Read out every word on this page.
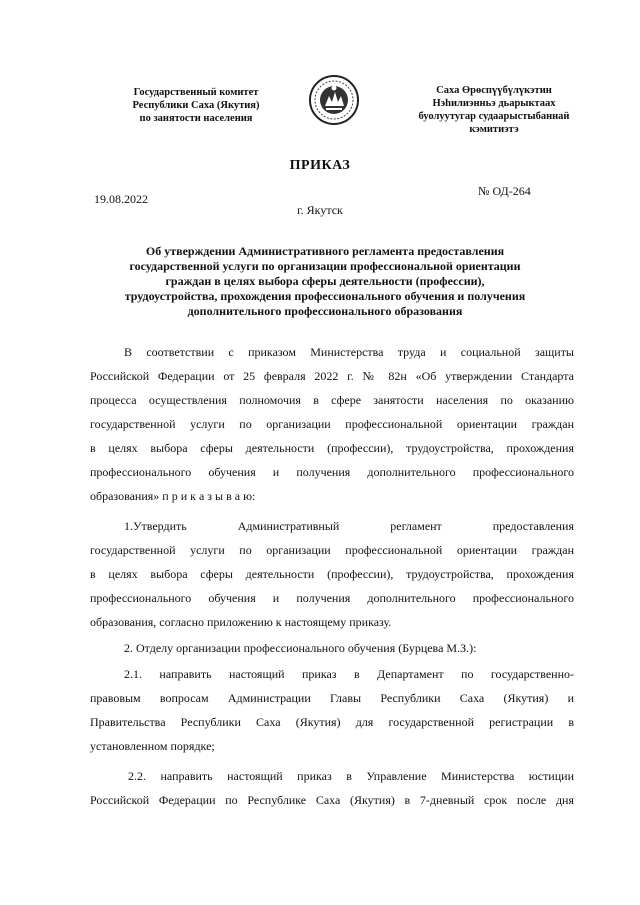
Государственный комитет
Республики Саха (Якутия)
по занятости населения
Саха Өрөспүүбүлүкэтин
Нэһилиэнньэ дьарыктаах
буолуутугар судаарыстыбаннай
кэмитиэтэ
ПРИКАЗ
19.08.2022
№ ОД-264
г. Якутск
Об утверждении Административного регламента предоставления
государственной услуги по организации профессиональной ориентации
граждан в целях выбора сферы деятельности (профессии),
трудоустройства, прохождения профессионального обучения и получения
дополнительного профессионального образования
В соответствии с приказом Министерства труда и социальной защиты
Российской Федерации от 25 февраля 2022 г. № 82н «Об утверждении Стандарта
процесса осуществления полномочия в сфере занятости населения по оказанию
государственной услуги по организации профессиональной ориентации граждан
в целях выбора сферы деятельности (профессии), трудоустройства, прохождения
профессионального обучения и получения дополнительного профессионального
образования» п р и к а з ы в а ю:
1.Утвердить Административный регламент предоставления
государственной услуги по организации профессиональной ориентации граждан
в целях выбора сферы деятельности (профессии), трудоустройства, прохождения
профессионального обучения и получения дополнительного профессионального
образования, согласно приложению к настоящему приказу.
2. Отделу организации профессионального обучения (Бурцева М.З.):
2.1. направить настоящий приказ в Департамент по государственно-
правовым вопросам Администрации Главы Республики Саха (Якутия) и
Правительства Республики Саха (Якутия) для государственной регистрации в
установленном порядке;
2.2. направить настоящий приказ в Управление Министерства юстиции
Российской Федерации по Республике Саха (Якутия) в 7-дневный срок после дня
